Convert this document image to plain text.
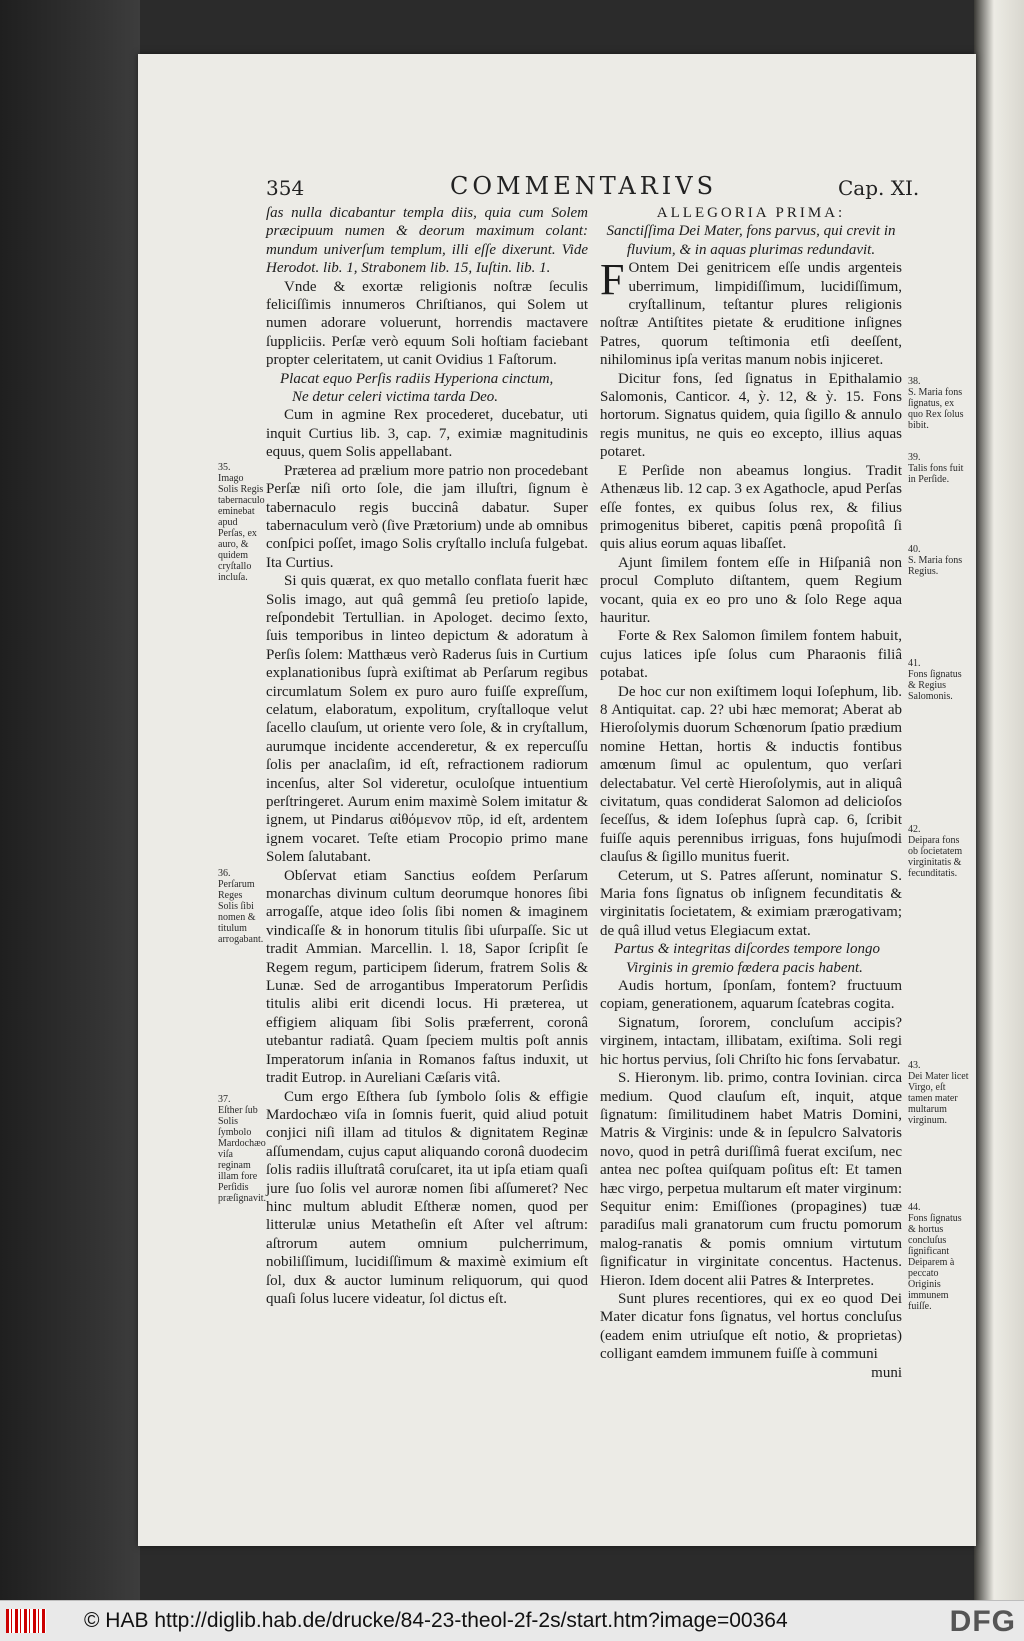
354	COMMENTARIVS	Cap. XI.

ſas nulla dicabantur templa diis, quia cum Solem præcipuum numen & deorum maximum colant: mundum univerſum templum, illi eſſe dixerunt. Vide Herodot. lib. 1, Strabonem lib. 15, Iuſtin. lib. 1.

Vnde & exortæ religionis noſtræ ſeculis feliciſſimis innumeros Chriſtianos, qui Solem ut numen adorare voluerunt, horrendis mactavere ſuppliciis. Perſæ verò equum Soli hoſtiam faciebant propter celeritatem, ut canit Ovidius 1 Faſtorum.

Placat equo Perſis radiis Hyperiona cinctum,

Ne detur celeri victima tarda Deo.

Cum in agmine Rex procederet, ducebatur, uti inquit Curtius lib. 3, cap. 7, eximiæ magnitudinis equus, quem Solis appellabant.

Præterea ad prælium more patrio non procedebant Perſæ niſi orto ſole, die jam illuſtri, ſignum è tabernaculo regis buccinâ dabatur. Super tabernaculum verò (ſive Prætorium) unde ab omnibus conſpici poſſet, imago Solis cryſtallo incluſa fulgebat. Ita Curtius.

Si quis quærat, ex quo metallo conflata fuerit hæc Solis imago, aut quâ gemmâ ſeu pretioſo lapide, reſpondebit Tertullian. in Apologet. decimo ſexto, ſuis temporibus in linteo depictum & adoratum à Perſis ſolem: Matthæus verò Raderus ſuis in Curtium explanationibus ſuprà exiſtimat ab Perſarum regibus circumlatum Solem ex puro auro fuiſſe expreſſum, celatum, elaboratum, expolitum, cryſtalloque velut ſacello clauſum, ut oriente vero ſole, & in cryſtallum, aurumque incidente accenderetur, & ex repercuſſu ſolis per anaclaſim, id eſt, refractionem radiorum incenſus, alter Sol videretur, oculoſque intuentium perſtringeret. Aurum enim maximè Solem imitatur & ignem, ut Pindarus αἰθόμενον πῦρ, id eſt, ardentem ignem vocaret. Teſte etiam Procopio primo mane Solem ſalutabant.

Obſervat etiam Sanctius eoſdem Perſarum monarchas divinum cultum deorumque honores ſibi arrogaſſe, atque ideo ſolis ſibi nomen & imaginem vindicaſſe & in honorum titulis ſibi uſurpaſſe. Sic ut tradit Ammian. Marcellin. l. 18, Sapor ſcripſit ſe Regem regum, participem ſiderum, fratrem Solis & Lunæ. Sed de arrogantibus Imperatorum Perſidis titulis alibi erit dicendi locus. Hi præterea, ut effigiem aliquam ſibi Solis præferrent, coronâ utebantur radiatâ. Quam ſpeciem multis poſt annis Imperatorum inſania in Romanos faſtus induxit, ut tradit Eutrop. in Aureliani Cæſaris vitâ.

Cum ergo Eſthera ſub ſymbolo ſolis & effigie Mardochæo viſa in ſomnis fuerit, quid aliud potuit conjici niſi illam ad titulos & dignitatem Reginæ aſſumendam, cujus caput aliquando coronâ duodecim ſolis radiis illuſtratâ coruſcaret, ita ut ipſa etiam quaſi jure ſuo ſolis vel auroræ nomen ſibi aſſumeret? Nec hinc multum abludit Eſtheræ nomen, quod per litterulæ unius Metatheſin eſt Aſter vel aſtrum: aſtrorum autem omnium pulcherrimum, nobiliſſimum, lucidiſſimum & maximè eximium eſt ſol, dux & auctor luminum reliquorum, qui quod quaſi ſolus lucere videatur, ſol dictus eſt.

ALLEGORIA PRIMA:

Sanctiſſima Dei Mater, fons parvus, qui crevit in fluvium, & in aquas plurimas redundavit.

F Ontem Dei genitricem eſſe undis argenteis uberrimum, limpidiſſimum, lucidiſſimum, cryſtallinum, teſtantur plures religionis noſtræ Antiſtites pietate & eruditione inſignes Patres, quorum teſtimonia etſi deeſſent, nihilominus ipſa veritas manum nobis injiceret.

Dicitur fons, ſed ſignatus in Epithalamio Salomonis, Canticor. 4, ỳ. 12, & ỳ. 15. Fons hortorum. Signatus quidem, quia ſigillo & annulo regis munitus, ne quis eo excepto, illius aquas potaret.

E Perſide non abeamus longius. Tradit Athenæus lib. 12 cap. 3 ex Agathocle, apud Perſas eſſe fontes, ex quibus ſolus rex, & filius primogenitus biberet, capitis pœnâ propoſitâ ſi quis alius eorum aquas libaſſet.

Ajunt ſimilem fontem eſſe in Hiſpaniâ non procul Compluto diſtantem, quem Regium vocant, quia ex eo pro uno & ſolo Rege aqua hauritur.

Forte & Rex Salomon ſimilem fontem habuit, cujus latices ipſe ſolus cum Pharaonis filiâ potabat.

De hoc cur non exiſtimem loqui Ioſephum, lib. 8 Antiquitat. cap. 2? ubi hæc memorat; Aberat ab Hieroſolymis duorum Schœnorum ſpatio prædium nomine Hettan, hortis & inductis fontibus amœnum ſimul ac opulentum, quo verſari delectabatur. Vel certè Hieroſolymis, aut in aliquâ civitatum, quas condiderat Salomon ad delicioſos ſeceſſus, & idem Ioſephus ſuprà cap. 6, ſcribit fuiſſe aquis perennibus irriguas, fons hujuſmodi clauſus & ſigillo munitus fuerit.

Ceterum, ut S. Patres aſſerunt, nominatur S. Maria fons ſignatus ob inſignem fecunditatis & virginitatis ſocietatem, & eximiam prærogativam; de quâ illud vetus Elegiacum extat.

Partus & integritas diſcordes tempore longo

Virginis in gremio fœdera pacis habent.

Audis hortum, ſponſam, fontem? fructuum copiam, generationem, aquarum ſcatebras cogita.

Signatum, ſororem, concluſum accipis? virginem, intactam, illibatam, exiſtima. Soli regi hic hortus pervius, ſoli Chriſto hic fons ſervabatur.

S. Hieronym. lib. primo, contra Iovinian. circa medium. Quod clauſum eſt, inquit, atque ſignatum: ſimilitudinem habet Matris Domini, Matris & Virginis: unde & in ſepulcro Salvatoris novo, quod in petrâ duriſſimâ fuerat exciſum, nec antea nec poſtea quiſquam poſitus eſt: Et tamen hæc virgo, perpetua multarum eſt mater virginum: Sequitur enim: Emiſſiones (propagines) tuæ paradiſus mali granatorum cum fructu pomorum malog-ranatis & pomis omnium virtutum ſignificatur in virginitate concentus. Hactenus. Hieron. Idem docent alii Patres & Interpretes.

Sunt plures recentiores, qui ex eo quod Dei Mater dicatur fons ſignatus, vel hortus concluſus (eadem enim utriuſque eſt notio, & proprietas) colligant eamdem immunem fuiſſe à communi

muni

35.
Imago Solis Regis tabernaculo eminebat apud Perſas, ex auro, & quidem cryſtallo incluſa.
36.
Perſarum Reges Solis ſibi nomen & titulum arrogabant.
37.
Eſther ſub Solis ſymbolo Mardochæo viſa reginam illam fore Perſidis præſignavit.
38.
S. Maria fons ſignatus, ex quo Rex ſolus bibit.
39.
Talis fons fuit in Perſide.
40.
S. Maria fons Regius.
41.
Fons ſignatus & Regius Salomonis.
42.
Deipara fons ob ſocietatem virginitatis & fecunditatis.
43.
Dei Mater licet Virgo, eſt tamen mater multarum virginum.
44.
Fons ſignatus & hortus concluſus ſignificant Deiparem à peccato Originis immunem fuiſſe.
© HAB http://diglib.hab.de/drucke/84-23-theol-2f-2s/start.htm?image=00364	DFG
